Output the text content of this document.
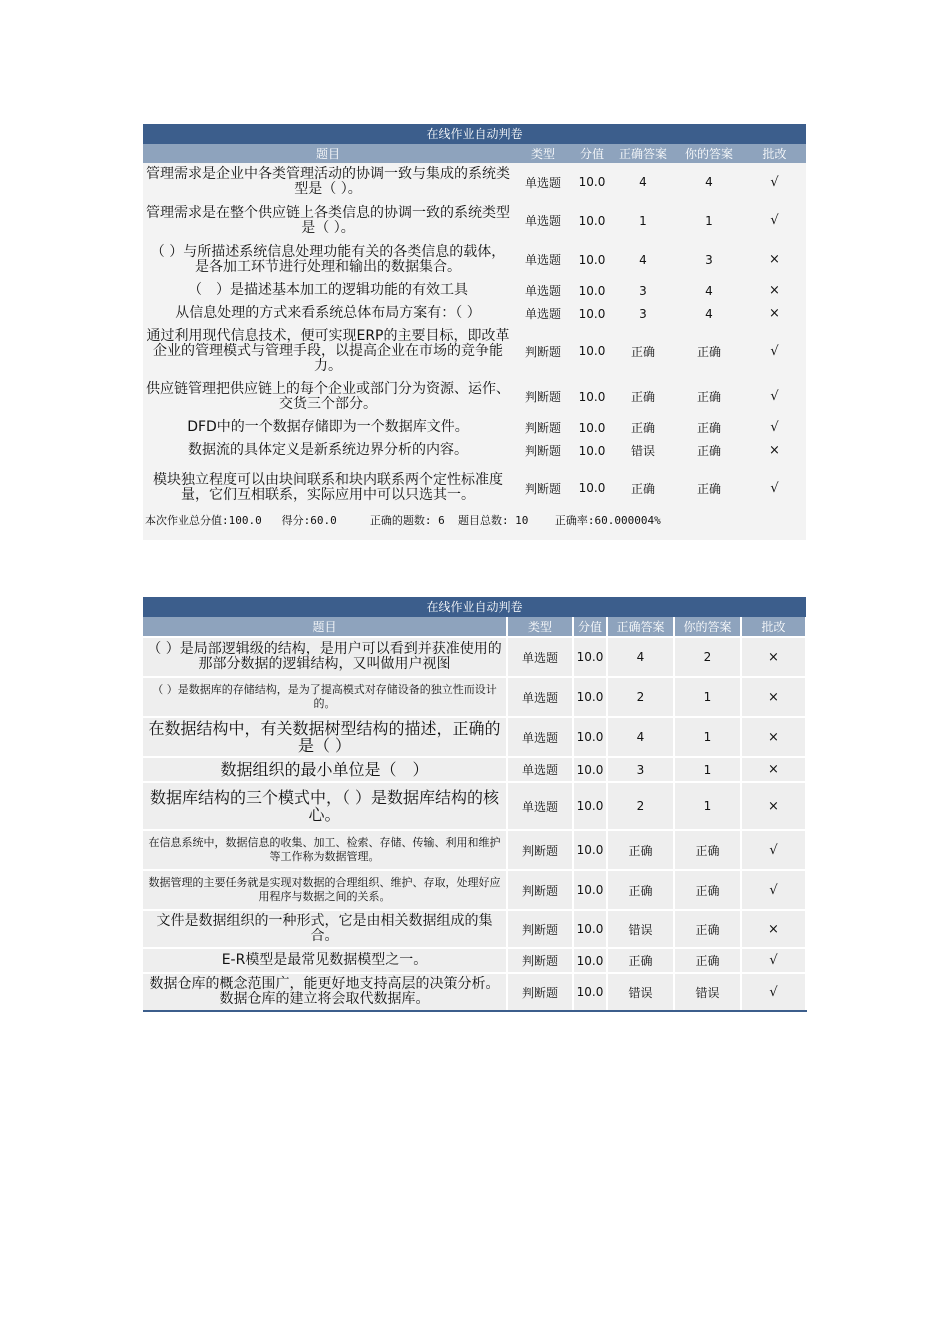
在线作业自动判卷
题目	类型	分值	正确答案	你的答案	批改
管理需求是企业中各类管理活动的协调一致与集成的系统类型是（ ）。	单选题	10.0	4	4	√
管理需求是在整个供应链上各类信息的协调一致的系统类型是（ ）。	单选题	10.0	1	1	√
（ ）与所描述系统信息处理功能有关的各类信息的载体，是各加工环节进行处理和输出的数据集合。	单选题	10.0	4	3	×
（　）是描述基本加工的逻辑功能的有效工具	单选题	10.0	3	4	×
从信息处理的方式来看系统总体布局方案有：（ ）	单选题	10.0	3	4	×
通过利用现代信息技术，便可实现ERP的主要目标，即改革企业的管理模式与管理手段，以提高企业在市场的竞争能力。	判断题	10.0	正确	正确	√
供应链管理把供应链上的每个企业或部门分为资源、运作、交货三个部分。	判断题	10.0	正确	正确	√
DFD中的一个数据存储即为一个数据库文件。	判断题	10.0	正确	正确	√
数据流的具体定义是新系统边界分析的内容。	判断题	10.0	错误	正确	×
模块独立程度可以由块间联系和块内联系两个定性标准度量，它们互相联系，实际应用中可以只选其一。	判断题	10.0	正确	正确	√
本次作业总分值:100.0   得分:60.0     正确的题数: 6  题目总数: 10    正确率:60.000004%
在线作业自动判卷
题目	类型	分值	正确答案	你的答案	批改
（ ）是局部逻辑级的结构，是用户可以看到并获准使用的那部分数据的逻辑结构，又叫做用户视图	单选题	10.0	4	2	×
（ ）是数据库的存储结构，是为了提高模式对存储设备的独立性而设计的。	单选题	10.0	2	1	×
在数据结构中，有关数据树型结构的描述，正确的是（ ）	单选题	10.0	4	1	×
数据组织的最小单位是（　）	单选题	10.0	3	1	×
数据库结构的三个模式中，（ ）是数据库结构的核心。	单选题	10.0	2	1	×
在信息系统中，数据信息的收集、加工、检索、存储、传输、利用和维护等工作称为数据管理。	判断题	10.0	正确	正确	√
数据管理的主要任务就是实现对数据的合理组织、维护、存取，处理好应用程序与数据之间的关系。	判断题	10.0	正确	正确	√
文件是数据组织的一种形式，它是由相关数据组成的集合。	判断题	10.0	错误	正确	×
E-R模型是最常见数据模型之一。	判断题	10.0	正确	正确	√
数据仓库的概念范围广，能更好地支持高层的决策分析。数据仓库的建立将会取代数据库。	判断题	10.0	错误	错误	√
